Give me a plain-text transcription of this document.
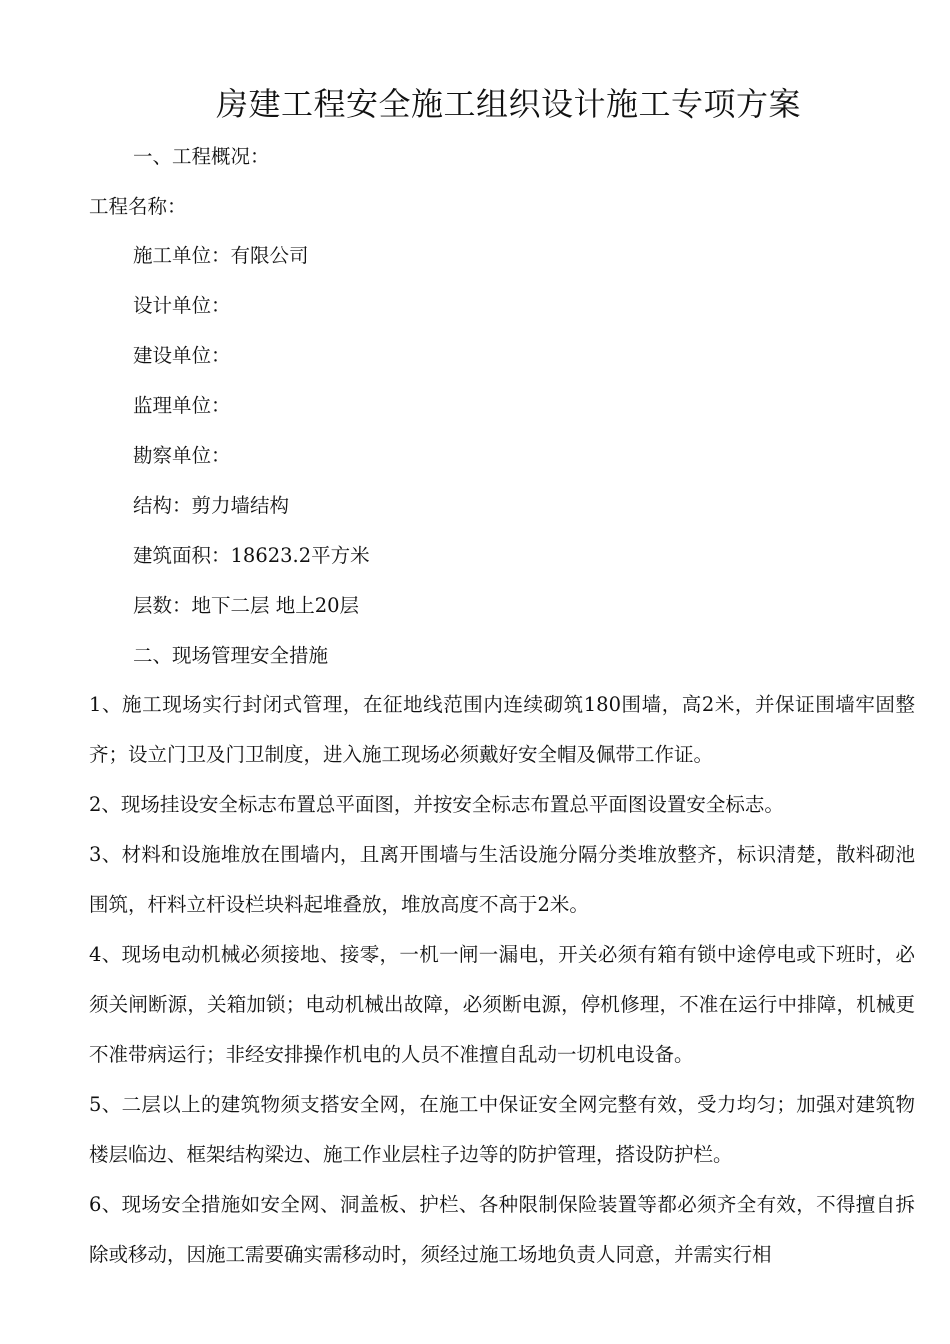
房建工程安全施工组织设计施工专项方案
一、工程概况：
工程名称：
施工单位：有限公司
设计单位：
建设单位：
监理单位：
勘察单位：
结构：剪力墙结构
建筑面积：18623.2平方米
层数：地下二层 地上20层
二、现场管理安全措施
1、施工现场实行封闭式管理，在征地线范围内连续砌筑180围墙，高2米，并保证围墙牢固整齐；设立门卫及门卫制度，进入施工现场必须戴好安全帽及佩带工作证。
2、现场挂设安全标志布置总平面图，并按安全标志布置总平面图设置安全标志。
3、材料和设施堆放在围墙内，且离开围墙与生活设施分隔分类堆放整齐，标识清楚，散料砌池围筑，杆料立杆设栏块料起堆叠放，堆放高度不高于2米。
4、现场电动机械必须接地、接零，一机一闸一漏电，开关必须有箱有锁中途停电或下班时，必须关闸断源，关箱加锁；电动机械出故障，必须断电源，停机修理，不准在运行中排障，机械更不准带病运行；非经安排操作机电的人员不准擅自乱动一切机电设备。
5、二层以上的建筑物须支搭安全网，在施工中保证安全网完整有效，受力均匀；加强对建筑物楼层临边、框架结构梁边、施工作业层柱子边等的防护管理，搭设防护栏。
6、现场安全措施如安全网、洞盖板、护栏、各种限制保险装置等都必须齐全有效，不得擅自拆除或移动，因施工需要确实需移动时，须经过施工场地负责人同意，并需实行相
